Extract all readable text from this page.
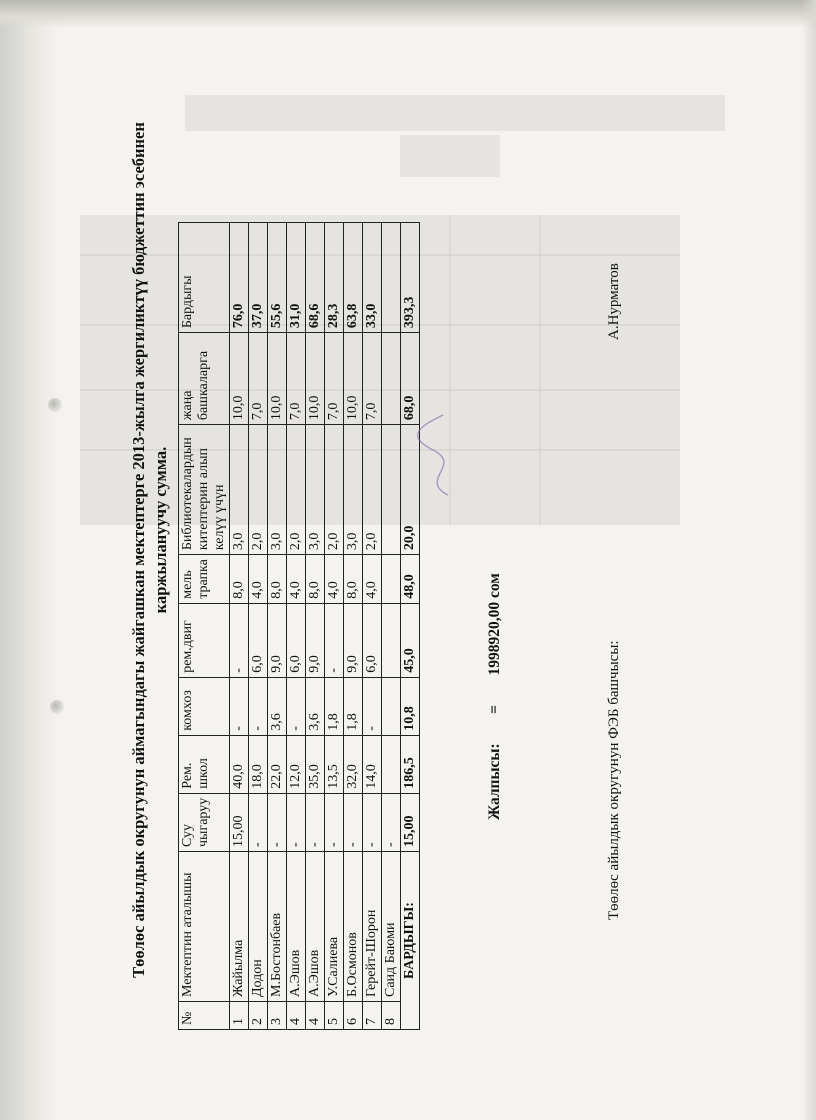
Төөлөс айылдык округунун аймагындагы жайгашкан мектептерге 2013-жылга жергиликтүү бюджеттин эсебинен каржылануучу сумма.
№	Мектептин аталышы	Суу чыгаруу	Рем. школ	комхоз	рем.двиг	мель трапка	Библиотекалардын китептерин алып келүү үчүн	жаңа башкаларга	Бардыгы
1	Жайылма	15,00	40,0	-	-	8,0	3,0	10,0	76,0
2	Додон	-	18,0	-	6,0	4,0	2,0	7,0	37,0
3	М.Бостонбаев	-	22,0	3,6	9,0	8,0	3,0	10,0	55,6
4	А.Эшов	-	12,0	-	6,0	4,0	2,0	7,0	31,0
4	А.Эшов	-	35,0	3,6	9,0	8,0	3,0	10,0	68,6
5	У.Салиева	-	13,5	1,8	-	4,0	2,0	7,0	28,3
6	Б.Осмонов	-	32,0	1,8	9,0	8,0	3,0	10,0	63,8
7	Герейт-Шорон	-	14,0	-	6,0	4,0	2,0	7,0	33,0
8	Саид Баюми	-							
БАРДЫГЫ:		15,00	186,5	10,8	45,0	48,0	20,0	68,0	393,3
Жалпысы: = 1998920,00 сом
Төөлөс айылдык округунун ФЭБ башчысы:
А.Нурматов
